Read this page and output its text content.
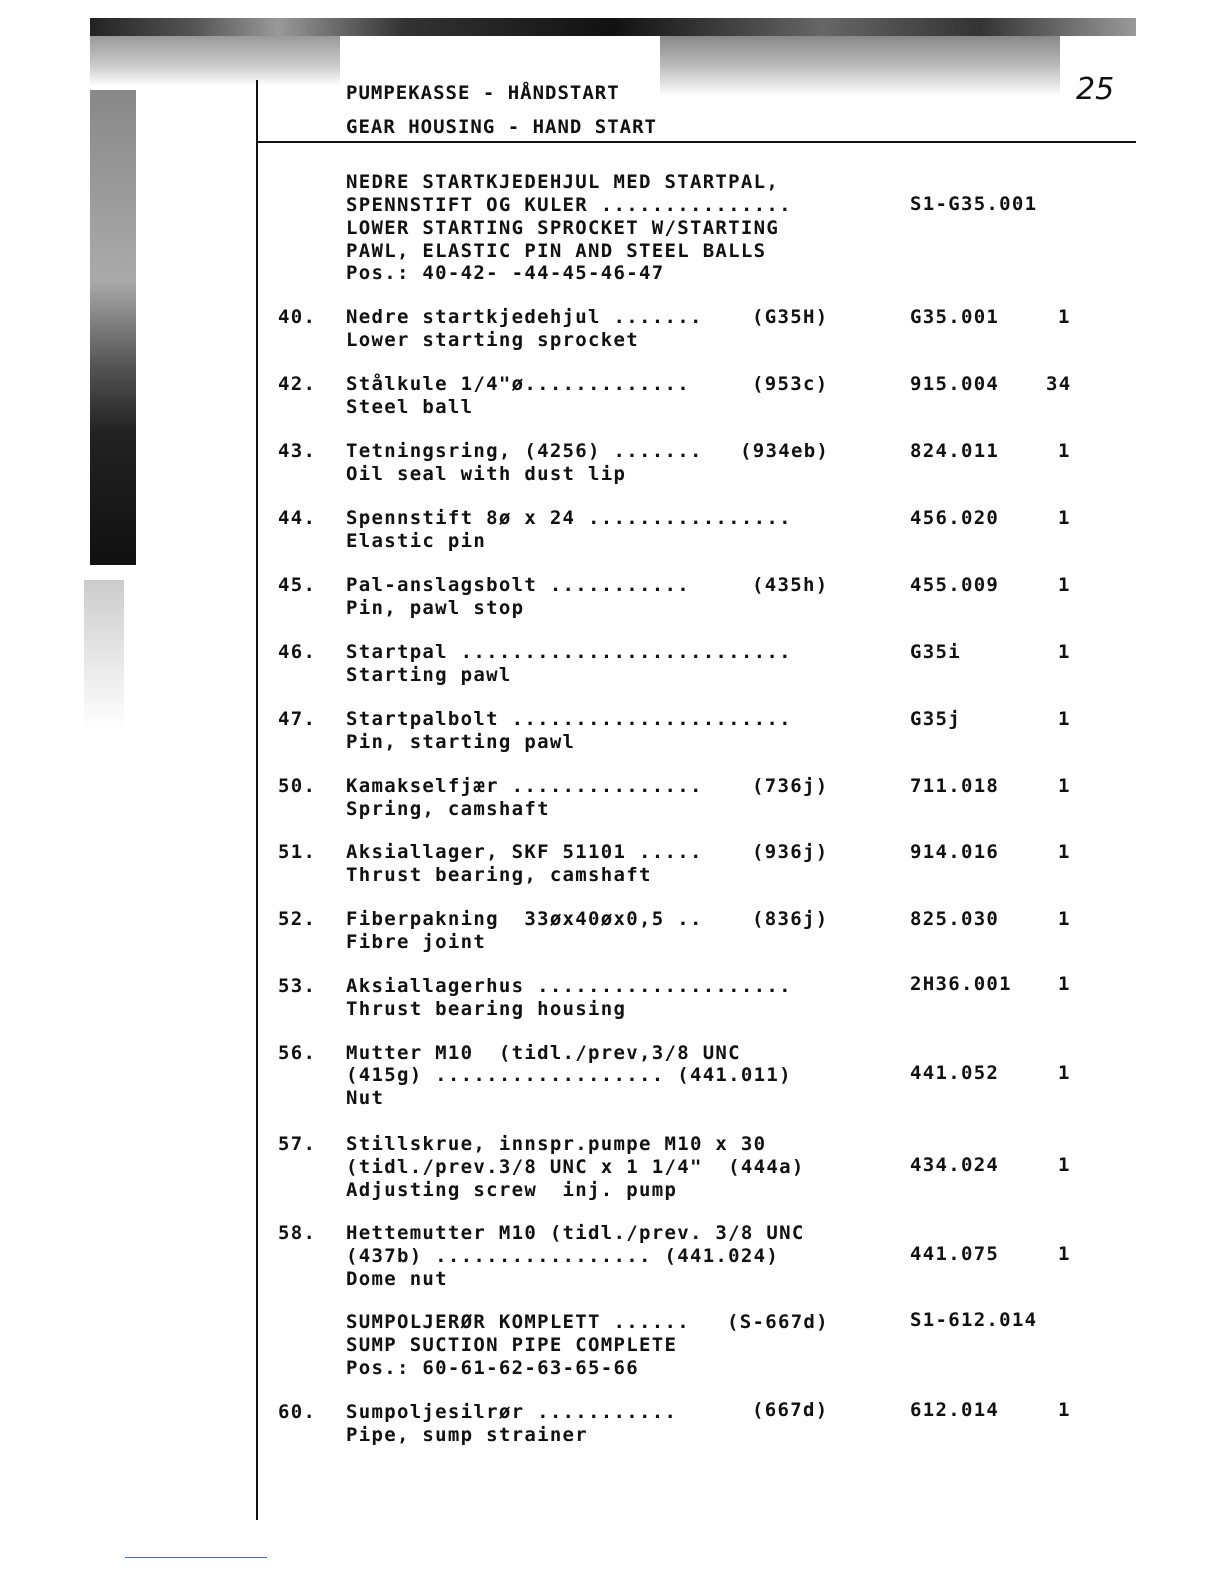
PUMPEKASSE - HÅNDSTART
GEAR HOUSING - HAND START
25
NEDRE STARTKJEDEHJUL MED STARTPAL,
SPENNSTIFT OG KULER ...............
LOWER STARTING SPROCKET W/STARTING
PAWL, ELASTIC PIN AND STEEL BALLS
Pos.: 40-42- -44-45-46-47
S1-G35.001
40. Nedre startkjedehjul .......
Lower starting sprocket
(G35H)	G35.001	1
42. Stålkule 1/4"ø.............
Steel ball
(953c)	915.004 34
43. Tetningsring, (4256) .......
Oil seal with dust lip
(934eb)	824.011	1
44. Spennstift 8ø x 24 ................
Elastic pin
456.020	1
45. Pal-anslagsbolt ...........
Pin, pawl stop
(435h)	455.009	1
46. Startpal ..........................
Starting pawl
G35i	1
47. Startpalbolt ......................
Pin, starting pawl
G35j	1
50. Kamakselfjær ...............
Spring, camshaft
(736j)	711.018	1
51. Aksiallager, SKF 51101 .....
Thrust bearing, camshaft
(936j)	914.016	1
52. Fiberpakning  33øx40øx0,5 ..
Fibre joint
(836j)	825.030	1
53. Aksiallagerhus ....................
Thrust bearing housing
2H36.001 1
56. Mutter M10  (tidl./prev,3/8 UNC
(415g) .................. (441.011)
Nut
441.052	1
57. Stillskrue, innspr.pumpe M10 x 30
(tidl./prev.3/8 UNC x 1 1/4"  (444a)
Adjusting screw  inj. pump
434.024	1
58. Hettemutter M10 (tidl./prev. 3/8 UNC
(437b) ................. (441.024)
Dome nut
441.075	1
SUMPOLJERØR KOMPLETT ......
SUMP SUCTION PIPE COMPLETE
Pos.: 60-61-62-63-65-66
(S-667d)	S1-612.014
60. Sumpoljesilrør ...........
Pipe, sump strainer
(667d)	612.014	1
